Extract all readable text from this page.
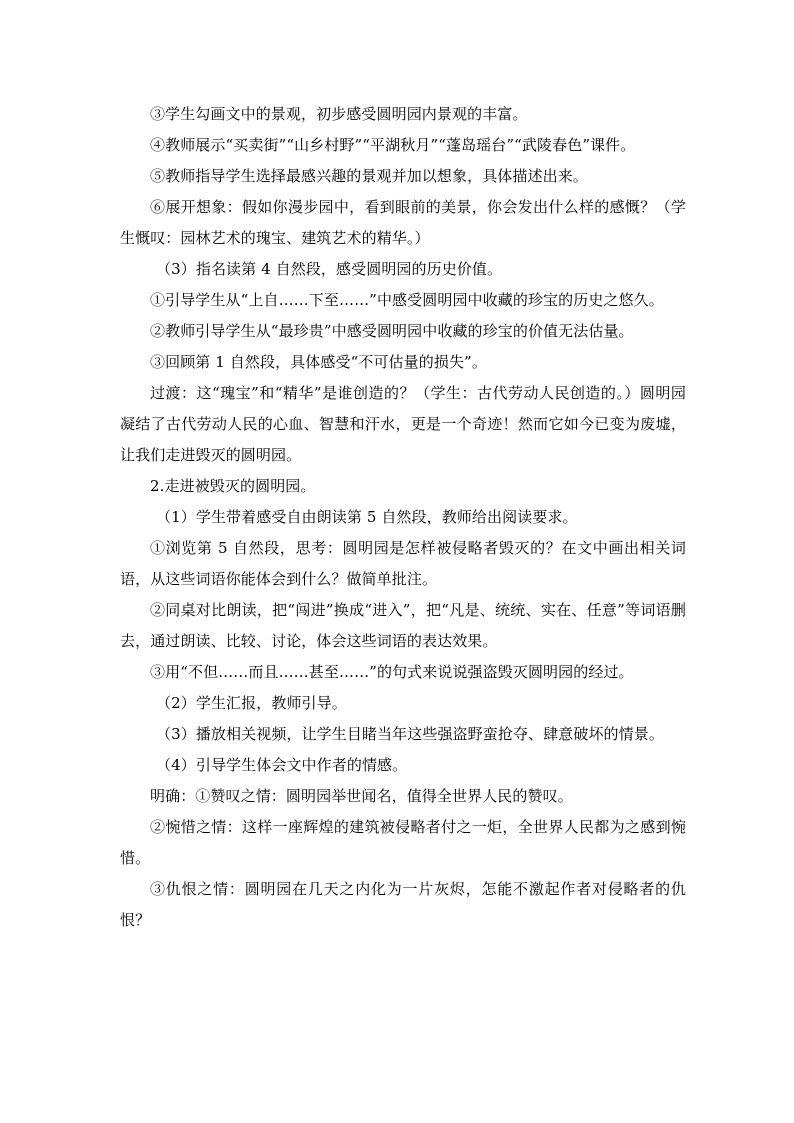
③学生勾画文中的景观，初步感受圆明园内景观的丰富。

④教师展示“买卖街”“山乡村野”“平湖秋月”“蓬岛瑶台”“武陵春色”课件。

⑤教师指导学生选择最感兴趣的景观并加以想象，具体描述出来。

⑥展开想象：假如你漫步园中，看到眼前的美景，你会发出什么样的感慨？（学生慨叹：园林艺术的瑰宝、建筑艺术的精华。）

（3）指名读第 4 自然段，感受圆明园的历史价值。

①引导学生从“上自……下至……”中感受圆明园中收藏的珍宝的历史之悠久。

②教师引导学生从“最珍贵”中感受圆明园中收藏的珍宝的价值无法估量。

③回顾第 1 自然段，具体感受“不可估量的损失”。

过渡：这“瑰宝”和“精华”是谁创造的？（学生：古代劳动人民创造的。）圆明园凝结了古代劳动人民的心血、智慧和汗水，更是一个奇迹！然而它如今已变为废墟，让我们走进毁灭的圆明园。

2.走进被毁灭的圆明园。

（1）学生带着感受自由朗读第 5 自然段，教师给出阅读要求。

①浏览第 5 自然段，思考：圆明园是怎样被侵略者毁灭的？在文中画出相关词语，从这些词语你能体会到什么？做简单批注。

②同桌对比朗读，把“闯进”换成“进入”，把“凡是、统统、实在、任意”等词语删去，通过朗读、比较、讨论，体会这些词语的表达效果。

③用“不但……而且……甚至……”的句式来说说强盗毁灭圆明园的经过。

（2）学生汇报，教师引导。

（3）播放相关视频，让学生目睹当年这些强盗野蛮抢夺、肆意破坏的情景。

（4）引导学生体会文中作者的情感。

明确：①赞叹之情：圆明园举世闻名，值得全世界人民的赞叹。

②惋惜之情：这样一座辉煌的建筑被侵略者付之一炬，全世界人民都为之感到惋惜。

③仇恨之情：圆明园在几天之内化为一片灰烬，怎能不激起作者对侵略者的仇恨？
